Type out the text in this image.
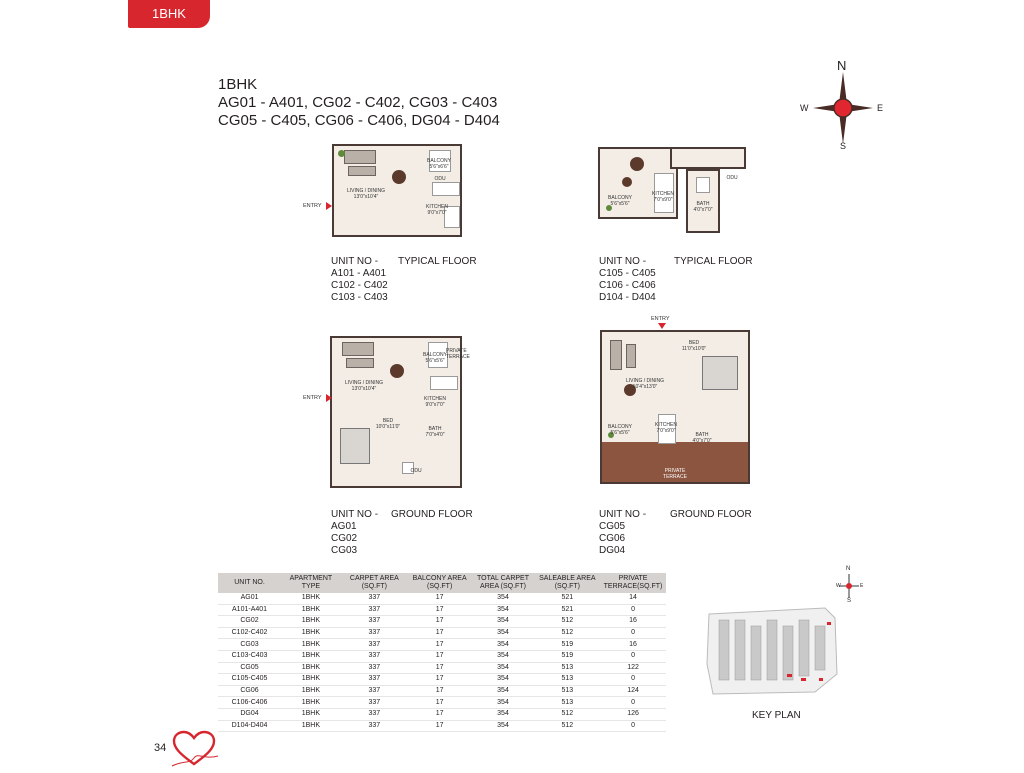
1BHK
1BHK
AG01 - A401, CG02 - C402, CG03 - C403
CG05 - C405, CG06 - C406, DG04 - D404
N
S
W	E
LIVING / DINING
13'0"x10'4"
KITCHEN
9'0"x7'0"
BALCONY
5'6"x6'6"
ODU
ENTRY
UNIT NO -
A101 - A401
C102 - C402
C103 - C403
TYPICAL FLOOR
KITCHEN
7'0"x9'0"
BALCONY
5'6"x5'6"	BATH
4'0"x7'0"
ODU
UNIT NO -
C105 - C405
C106 - C406
D104 - D404
TYPICAL FLOOR
LIVING / DINING
13'0"x10'4"
KITCHEN
9'0"x7'0"
BALCONY
5'6"x5'6"
PRIVATE TERRACE
BED
10'0"x11'0"	BATH
7'0"x4'0"
ODU
ENTRY
UNIT NO -
AG01
CG02
CG03
GROUND FLOOR
ENTRY
LIVING / DINING
10'4"x13'0"
BED
11'0"x10'0"
KITCHEN
7'0"x9'0"
BALCONY
5'6"x5'6"	BATH
4'0"x7'0"
PRIVATE TERRACE
UNIT NO -
CG05
CG06
DG04
GROUND FLOOR
UNIT NO.	APARTMENT TYPE	CARPET AREA (SQ.FT)	BALCONY AREA (SQ.FT)	TOTAL CARPET AREA (SQ.FT)	SALEABLE AREA (SQ.FT)	PRIVATE TERRACE(SQ.FT)
AG01	1BHK	337	17	354	521	14
A101-A401	1BHK	337	17	354	521	0
CG02	1BHK	337	17	354	512	16
C102-C402	1BHK	337	17	354	512	0
CG03	1BHK	337	17	354	519	16
C103-C403	1BHK	337	17	354	519	0
CG05	1BHK	337	17	354	513	122
C105-C405	1BHK	337	17	354	513	0
CG06	1BHK	337	17	354	513	124
C106-C406	1BHK	337	17	354	513	0
DG04	1BHK	337	17	354	512	126
D104-D404	1BHK	337	17	354	512	0
N
S
W	E
KEY PLAN
34
